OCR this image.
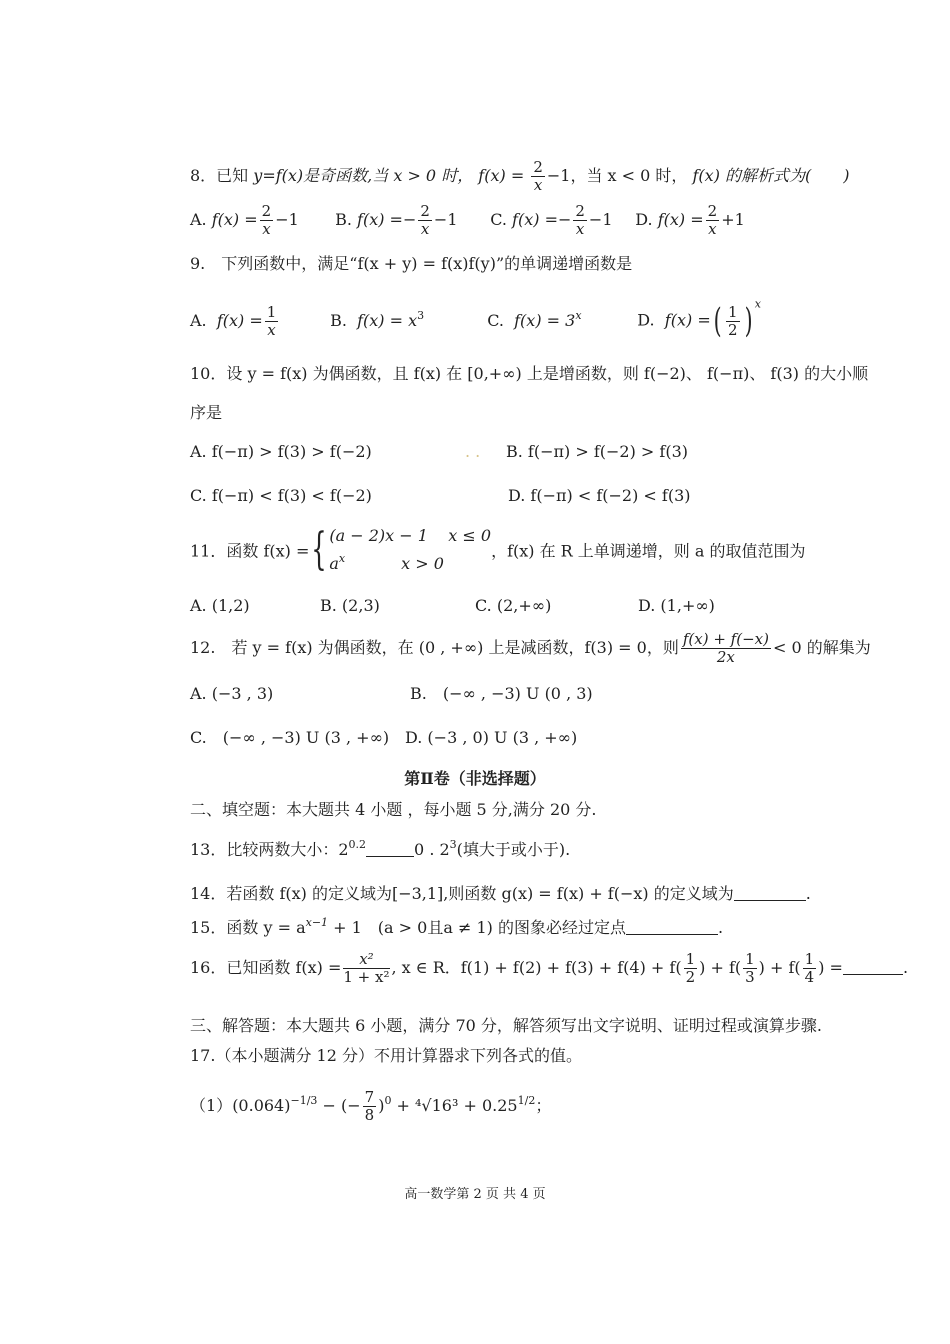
8．已知 y=f(x)是奇函数,当 x > 0 时， $f(x) = \frac{2}{x} -1$，当 x < 0 时， f(x) 的解析式为(　　)
A. $f(x) = \frac{2}{x} -1$ B. $f(x) =- \frac{2}{x} -1$ C. $f(x) =- \frac{2}{x} -1$ D. $f(x) = \frac{2}{x} +1$
9.　下列函数中，满足“f(x + y) = f(x)f(y)”的单调递增函数是
A. $f(x) = \frac{1}{x}$	B. $f(x) = x^3$	C. $f(x) = 3^x$	D. f(x) =( $\frac{1}{2}$ ) $^x$
10．设 y = f(x) 为偶函数，且 f(x) 在 [0,+∞) 上是增函数，则 f(−2)、 f(−π)、 f(3) 的大小顺
序是
A. f(−π) > f(3) > f(−2)	. . B. f(−π) > f(−2) > f(3)
C. f(−π) < f(3) < f(−2)	D. f(−π) < f(−2) < f(3)
11．函数 f(x) ={ (a − 2)x − 1 x ≤ 0
$a^x$	x > 0
，f(x) 在 R 上单调递增，则 a 的取值范围为
A. (1,2)	B. (2,3)	C. (2,+∞)	D. (1,+∞)
12.　若 y = f(x) 为偶函数，在 (0 , +∞) 上是减函数，f(3) = 0，则 $\frac{f(x) + f(-x)}{2x} < 0$ 的解集为
A. (−3 , 3)	B.　(−∞ , −3) U (0 , 3)
C.　(−∞ , −3) U (3 , +∞) D. (−3 , 0) U (3 , +∞)
第Ⅱ卷（非选择题）
二、填空题：本大题共 4 小题 ，每小题 5 分,满分 20 分.
13．比较两数大小：$2^{0.2}$	0 . $2^3$(填大于或小于).
14．若函数 f(x) 的定义域为[−3,1],则函数 g(x) = f(x) + f(−x) 的定义域为	.
15．函数 $y = a^{x-1} + 1$　(a > 0且a ≠ 1) 的图象必经过定点	.
16．已知函数 $f(x) = \frac{\text{x²}}{\text{1 + x²}}$ , x ∈ R．$f(1) + f(2) + f(3) + f(4) + f( \frac{1}{2}$ ) + $f( \frac{1}{3}$ ) + $f( \frac{1}{4}$ ) =	.
三、解答题：本大题共 6 小题，满分 70 分，解答须写出文字说明、证明过程或演算步骤.
17.（本小题满分 12 分）不用计算器求下列各式的值。
$(1)(0.064)^{-1/3}$ − (− $\frac{7}{8} )^0 + ^4√16^3 + 0.25^{1/2}$；
高一数学第 2 页 共 4 页
